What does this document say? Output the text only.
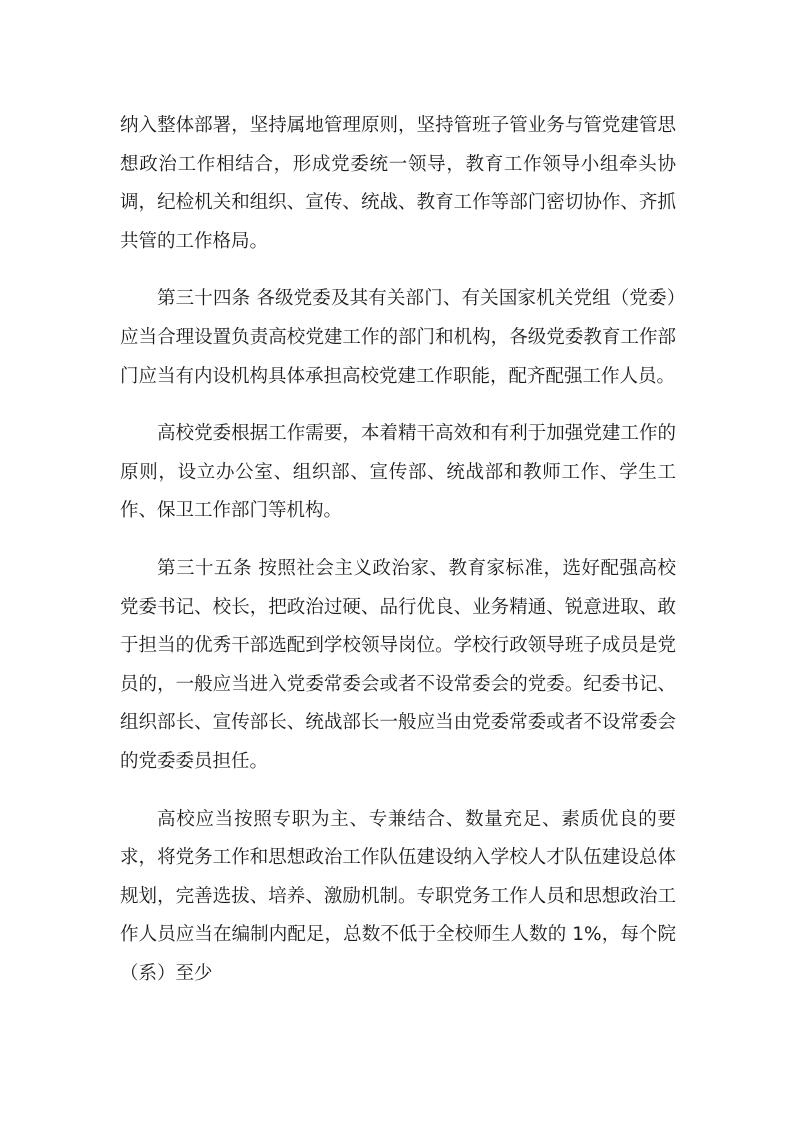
纳入整体部署，坚持属地管理原则，坚持管班子管业务与管党建管思想政治工作相结合，形成党委统一领导，教育工作领导小组牵头协调，纪检机关和组织、宣传、统战、教育工作等部门密切协作、齐抓共管的工作格局。

第三十四条 各级党委及其有关部门、有关国家机关党组（党委）应当合理设置负责高校党建工作的部门和机构，各级党委教育工作部门应当有内设机构具体承担高校党建工作职能，配齐配强工作人员。

高校党委根据工作需要，本着精干高效和有利于加强党建工作的原则，设立办公室、组织部、宣传部、统战部和教师工作、学生工作、保卫工作部门等机构。

第三十五条 按照社会主义政治家、教育家标准，选好配强高校党委书记、校长，把政治过硬、品行优良、业务精通、锐意进取、敢于担当的优秀干部选配到学校领导岗位。学校行政领导班子成员是党员的，一般应当进入党委常委会或者不设常委会的党委。纪委书记、组织部长、宣传部长、统战部长一般应当由党委常委或者不设常委会的党委委员担任。

高校应当按照专职为主、专兼结合、数量充足、素质优良的要求，将党务工作和思想政治工作队伍建设纳入学校人才队伍建设总体规划，完善选拔、培养、激励机制。专职党务工作人员和思想政治工作人员应当在编制内配足，总数不低于全校师生人数的 1%，每个院（系）至少
